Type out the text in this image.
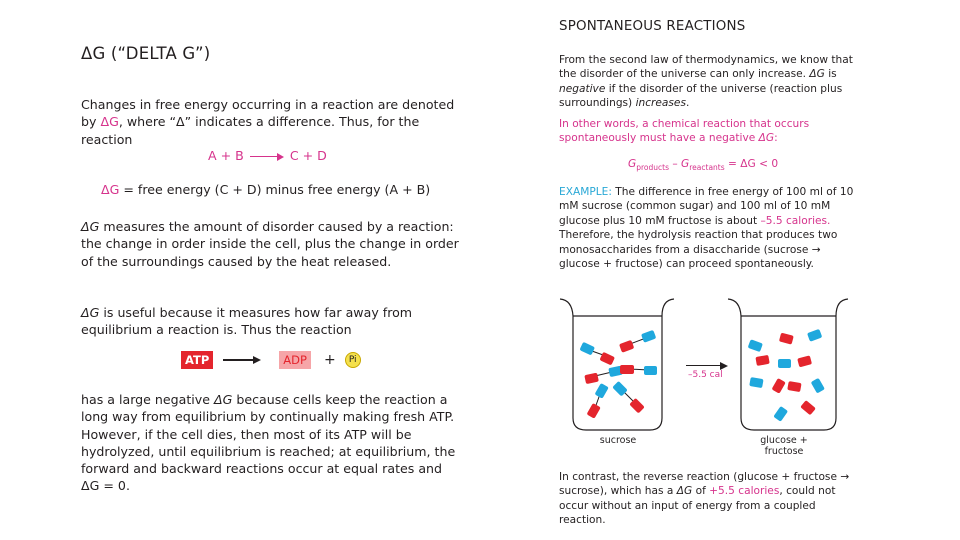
ΔG (“DELTA G”)

Changes in free energy occurring in a reaction are denoted by ΔG, where “Δ” indicates a difference. Thus, for the reaction

A + B	C + D
ΔG = free energy (C + D) minus free energy (A + B)

ΔG measures the amount of disorder caused by a reaction: the change in order inside the cell, plus the change in order of the surroundings caused by the heat released.

ΔG is useful because it measures how far away from equilibrium a reaction is. Thus the reaction

ATP	ADP +	Pi

has a large negative ΔG because cells keep the reaction a long way from equilibrium by continually making fresh ATP. However, if the cell dies, then most of its ATP will be hydrolyzed, until equilibrium is reached; at equilibrium, the forward and backward reactions occur at equal rates and ΔG = 0.

SPONTANEOUS REACTIONS

From the second law of thermodynamics, we know that the disorder of the universe can only increase. ΔG is negative if the disorder of the universe (reaction plus surroundings) increases.

In other words, a chemical reaction that occurs spontaneously must have a negative ΔG:

$G_{products} - G_{reactants} = \Delta G < 0$

EXAMPLE: The difference in free energy of 100 ml of 10 mM sucrose (common sugar) and 100 ml of 10 mM glucose plus 10 mM fructose is about –5.5 calories. Therefore, the hydrolysis reaction that produces two monosaccharides from a disaccharide (sucrose → glucose + fructose) can proceed spontaneously.

–5.5 cal
sucrose	glucose + fructose

In contrast, the reverse reaction (glucose + fructose → sucrose), which has a ΔG of +5.5 calories, could not occur without an input of energy from a coupled reaction.
